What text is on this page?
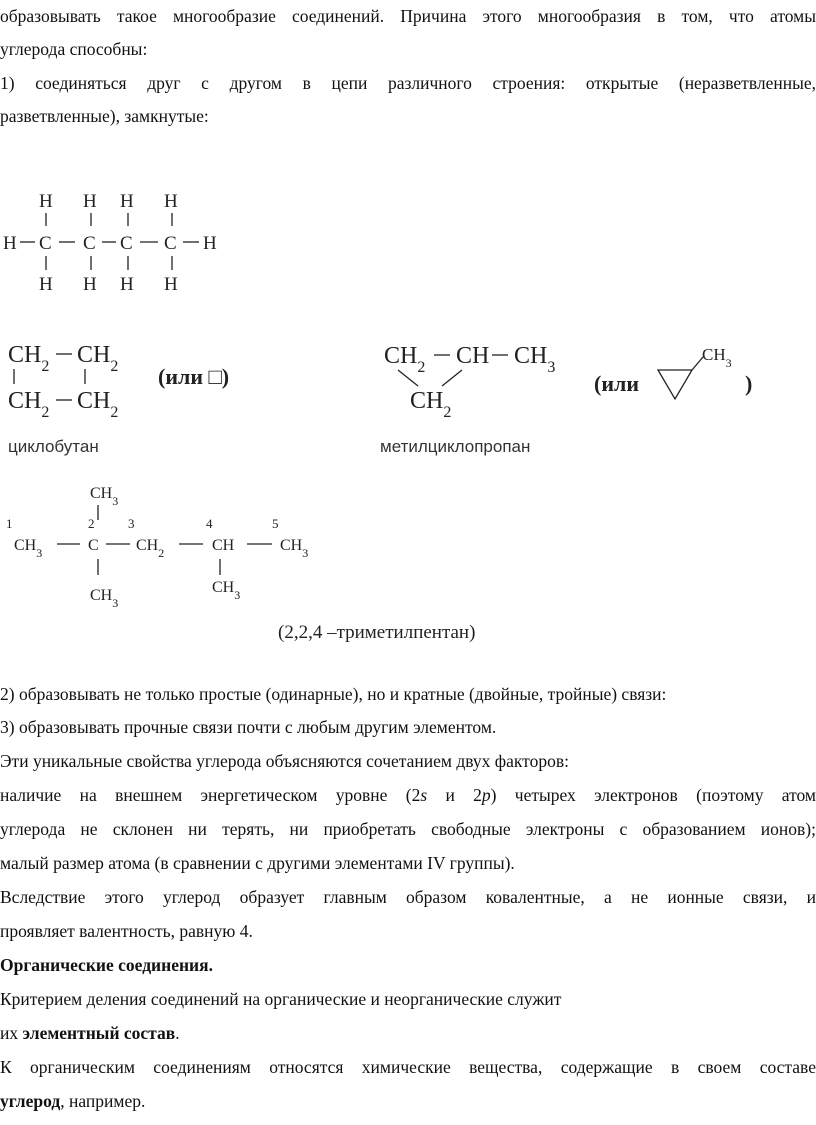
образовывать такое многообразие соединений. Причина этого многообразия в том, что атомы
углерода способны:
1) соединяться друг с другом в цепи различного строения: открытые (неразветвленные,
разветвленные), замкнутые:
H H H H
H C C C C H
H H H H
$CH_2$ $CH_2$
$CH_2$ $CH_2$
(или □)
циклобутан
$CH_2$ CH $CH_3$
$CH_2$
(или
$CH_3$
)
метилциклопропан
$CH_3$
1	2	3	4	5
$CH_3$	C $CH_2$	CH	$CH_3$
$CH_3$
$CH_3$
(2,2,4 –триметилпентан)
2) образовывать не только простые (одинарные), но и кратные (двойные, тройные) связи:
3) образовывать прочные связи почти с любым другим элементом.
Эти уникальные свойства углерода объясняются сочетанием двух факторов:
наличие на внешнем энергетическом уровне (2s и 2p) четырех электронов (поэтому атом
углерода не склонен ни терять, ни приобретать свободные электроны с образованием ионов);
малый размер атома (в сравнении с другими элементами IV группы).
Вследствие этого углерод образует главным образом ковалентные, а не ионные связи, и
проявляет валентность, равную 4.
Органические соединения.
Критерием деления соединений на органические и неорганические служит
их элементный состав.
К органическим соединениям относятся химические вещества, содержащие в своем составе
углерод, например.
